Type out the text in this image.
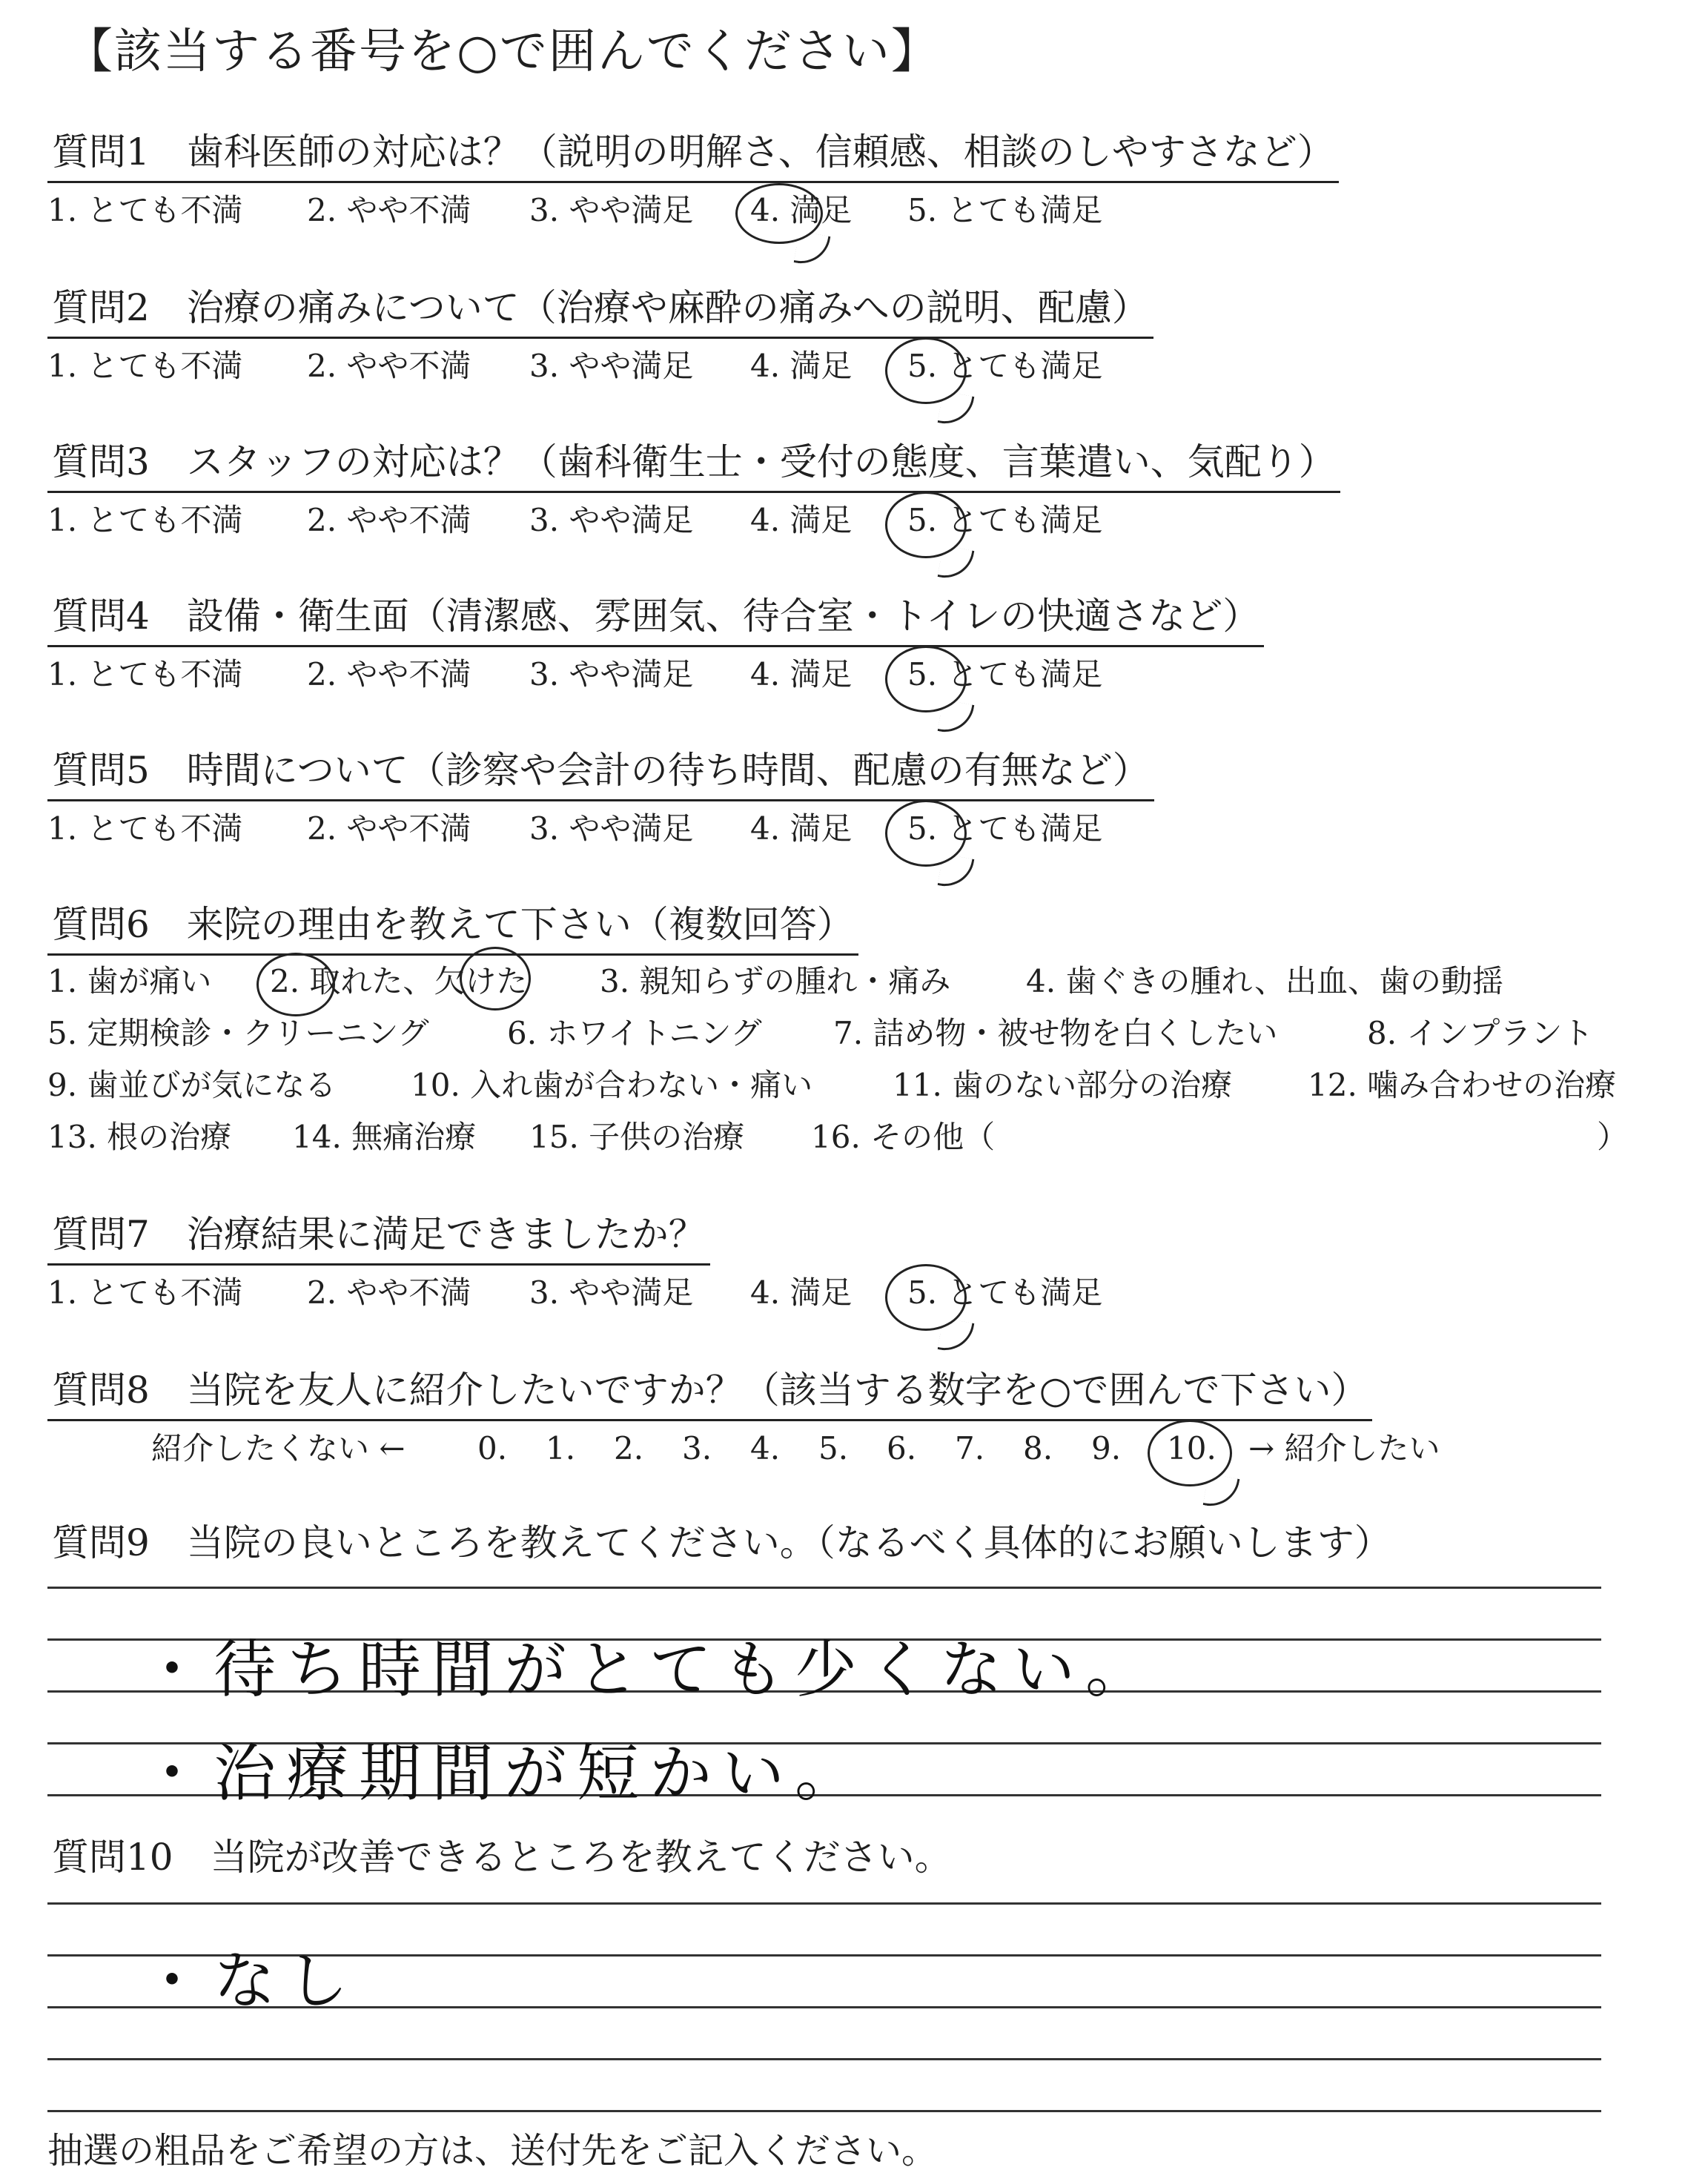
【該当する番号を○で囲んでください】
質問1　歯科医師の対応は？（説明の明解さ、信頼感、相談のしやすさなど）
1. とても不満 2. やや不満 3. やや満足 4. 満足 5. とても満足
質問2　治療の痛みについて（治療や麻酔の痛みへの説明、配慮）
1. とても不満 2. やや不満 3. やや満足 4. 満足 5. とても満足
質問3　スタッフの対応は？（歯科衛生士・受付の態度、言葉遣い、気配り）
1. とても不満 2. やや不満 3. やや満足 4. 満足 5. とても満足
質問4　設備・衛生面（清潔感、雰囲気、待合室・トイレの快適さなど）
1. とても不満 2. やや不満 3. やや満足 4. 満足 5. とても満足
質問5　時間について（診察や会計の待ち時間、配慮の有無など）
1. とても不満 2. やや不満 3. やや満足 4. 満足 5. とても満足
質問6　来院の理由を教えて下さい（複数回答）
1. 歯が痛い 2. 取れた、欠けた 3. 親知らずの腫れ・痛み 4. 歯ぐきの腫れ、出血、歯の動揺
5. 定期検診・クリーニング	6. ホワイトニング 7. 詰め物・被せ物を白くしたい	8. インプラント
9. 歯並びが気になる 10. 入れ歯が合わない・痛い	11. 歯のない部分の治療 12. 噛み合わせの治療
13. 根の治療 14. 無痛治療 15. 子供の治療 16. その他（	）
質問7　治療結果に満足できましたか？
1. とても不満 2. やや不満 3. やや満足 4. 満足 5. とても満足
質問8　当院を友人に紹介したいですか？（該当する数字を○で囲んで下さい）
紹介したくない ← 0. 1. 2. 3. 4. 5. 6. 7. 8. 9. 10. → 紹介したい
質問9　当院の良いところを教えてください。（なるべく具体的にお願いします）
・待ち時間がとても少くない。
・治療期間が短かい。
質問10　当院が改善できるところを教えてください。
・なし
抽選の粗品をご希望の方は、送付先をご記入ください。
